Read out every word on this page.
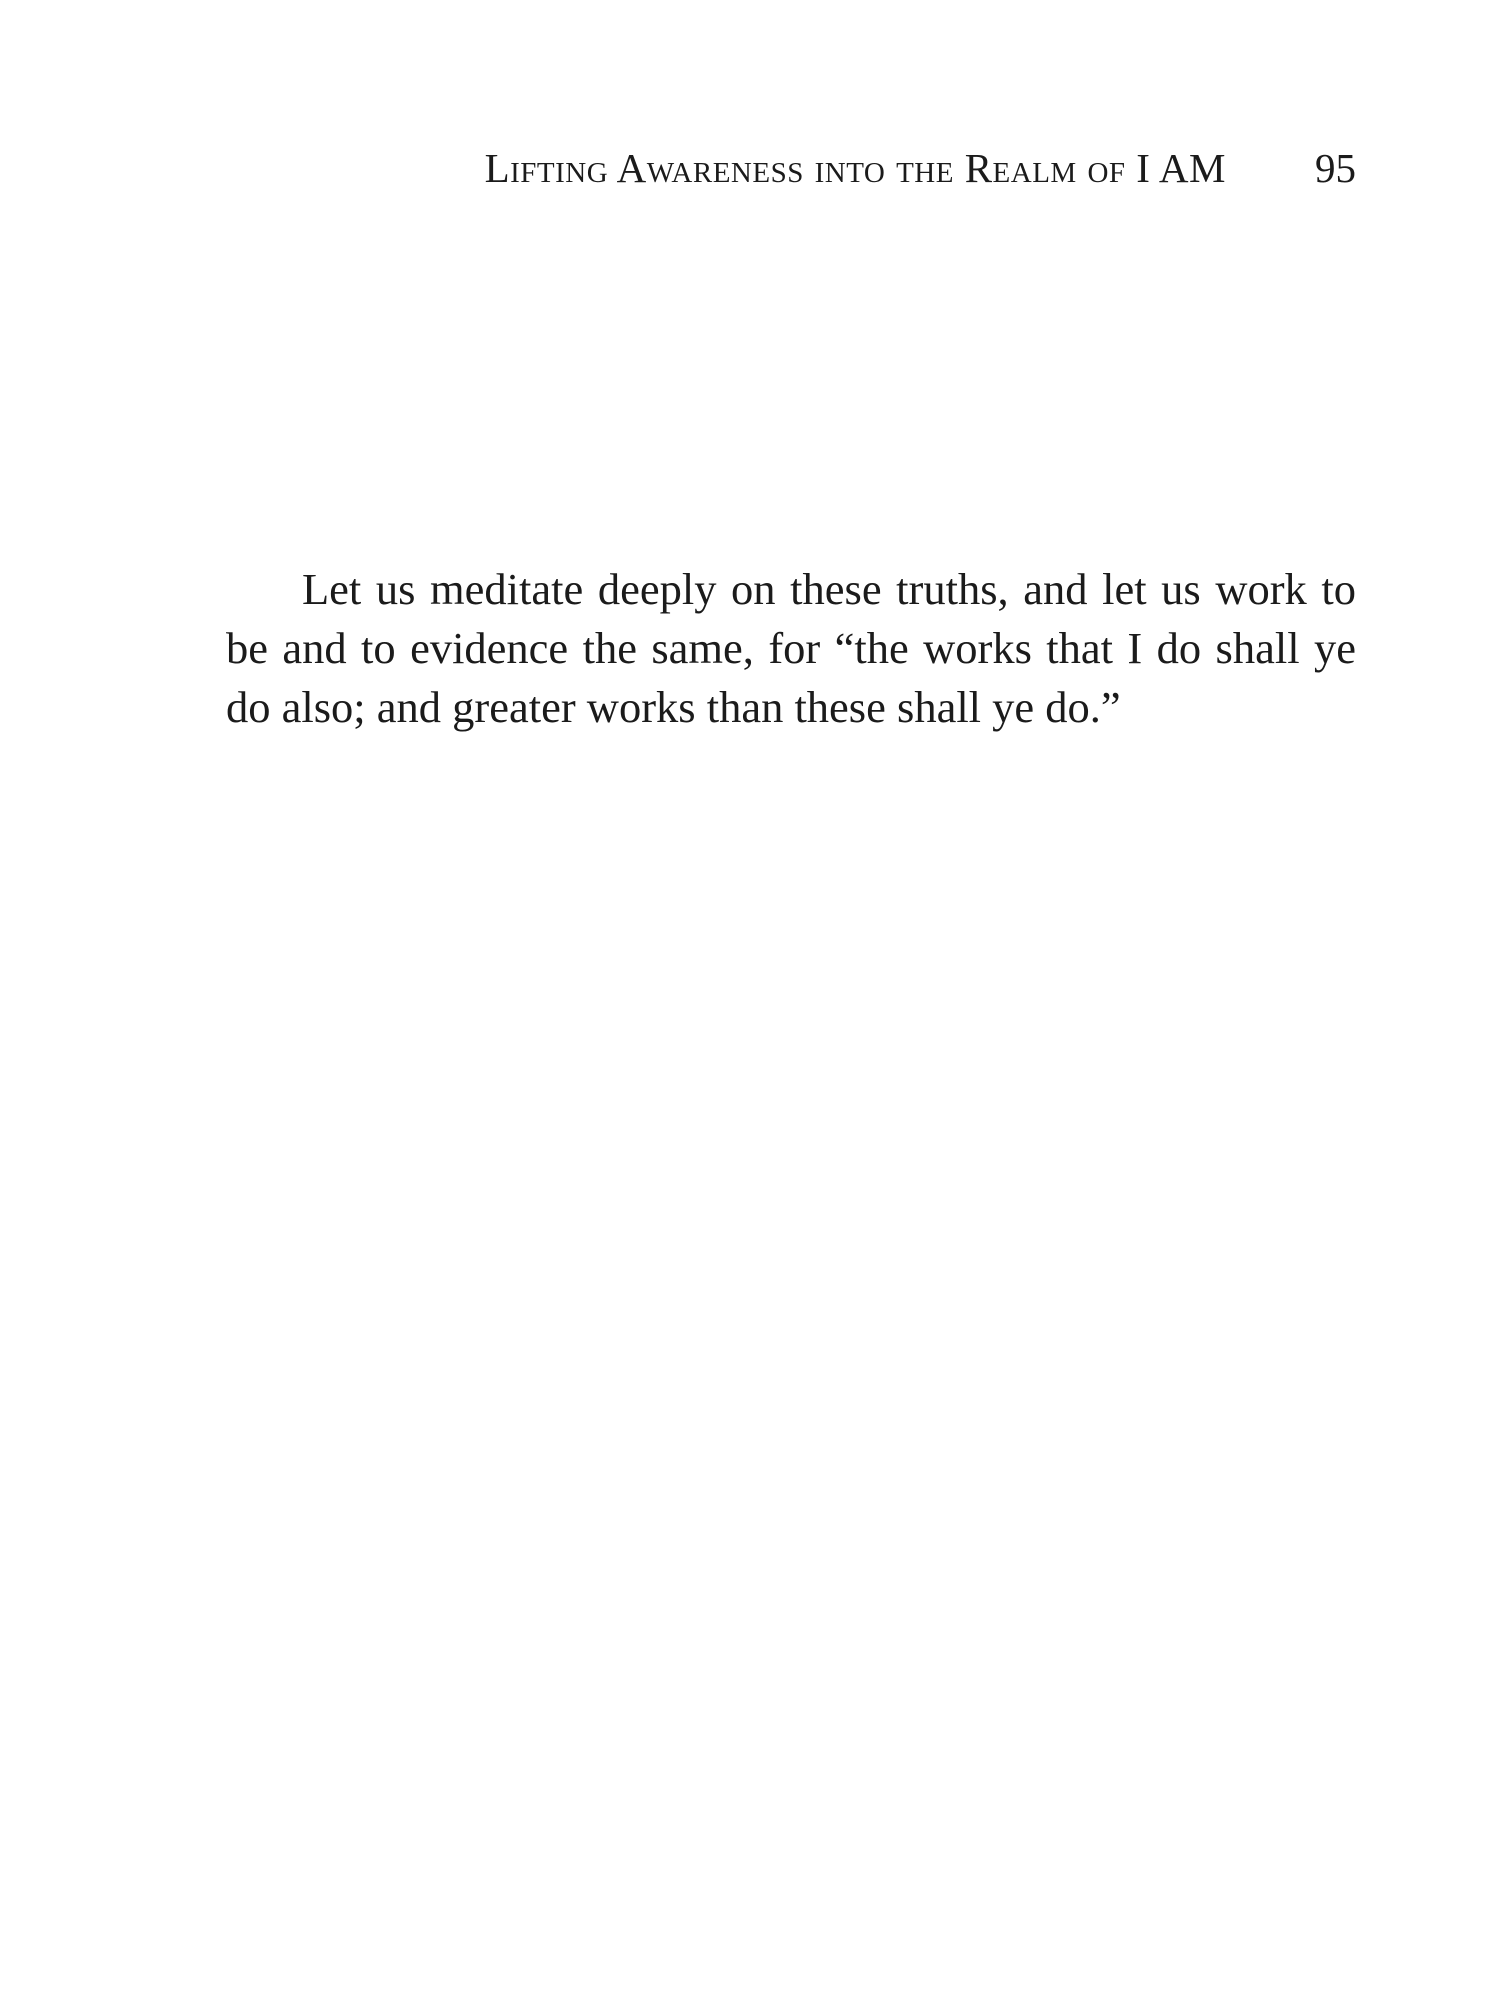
Lifting Awareness into the Realm of I AM 95

Let us meditate deeply on these truths, and let us work to be and to evidence the same, for “the works that I do shall ye do also; and greater works than these shall ye do.”
